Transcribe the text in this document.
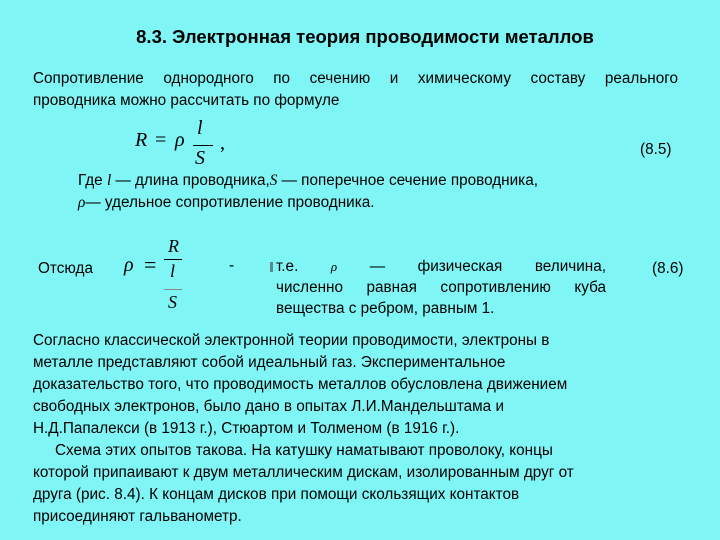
8.3. Электронная теория проводимости металлов
Сопротивление однородного по сечению и химическому составу реального
проводника можно рассчитать по формуле
R = ρ
l
S
,	(8.5)
Где l — длина проводника,S — поперечное сечение проводника,
ρ— удельное сопротивление проводника.
Отсюда ρ =
R
l
S
-	т.е.	ρ — физическая величина,
численно равная сопротивлению куба
вещества с ребром, равным 1.
(8.6)
Согласно классической электронной теории проводимости, электроны в
металле представляют собой идеальный газ. Экспериментальное
доказательство того, что проводимость металлов обусловлена движением
свободных электронов, было дано в опытах Л.И.Мандельштама и
Н.Д.Папалекси (в 1913 г.), Стюартом и Толменом (в 1916 г.).
Схема этих опытов такова. На катушку наматывают проволоку, концы
которой припаивают к двум металлическим дискам, изолированным друг от
друга (рис. 8.4). К концам дисков при помощи скользящих контактов
присоединяют гальванометр.
